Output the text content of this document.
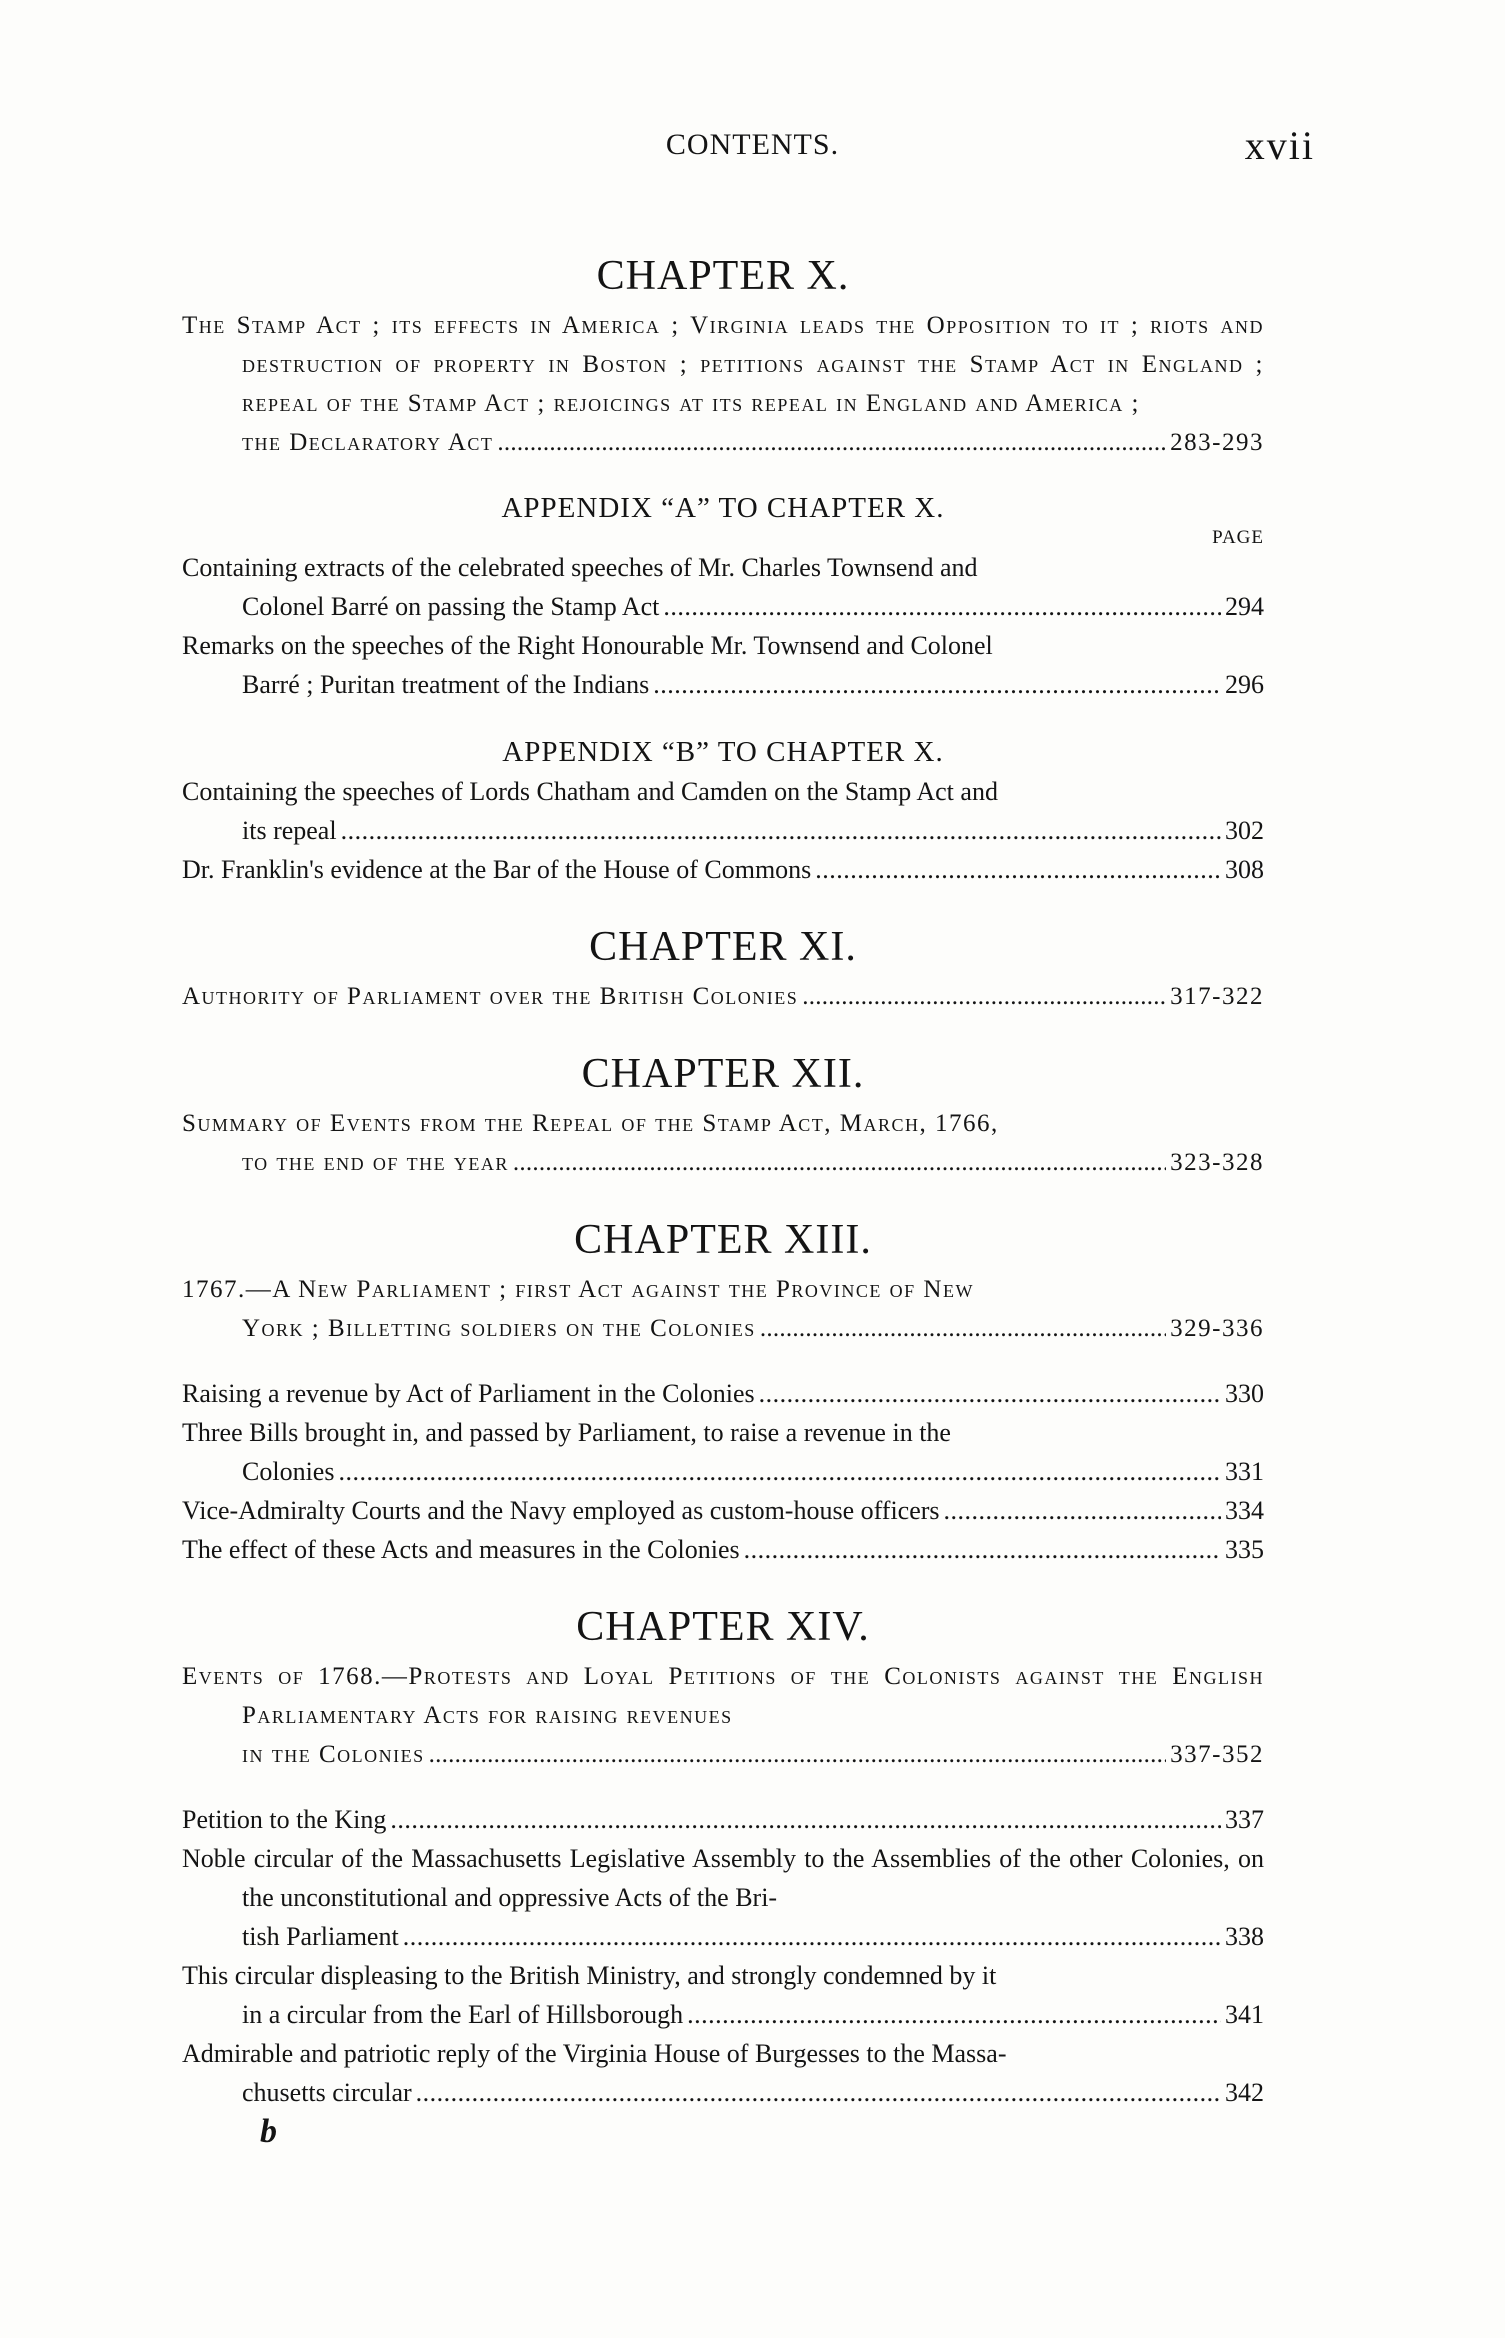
CONTENTS.	xvii
CHAPTER X.
The Stamp Act ; its effects in America ; Virginia leads the Opposition to it ; riots and destruction of property in Boston ; petitions against the Stamp Act in England ; repeal of the Stamp Act ; rejoicings at its repeal in England and America ;
the Declaratory Act . . .	283-293
APPENDIX “A” TO CHAPTER X.
PAGE
Containing extracts of the celebrated speeches of Mr. Charles Townsend and
Colonel Barré on passing the Stamp Act . . .	294
Remarks on the speeches of the Right Honourable Mr. Townsend and Colonel
Barré ; Puritan treatment of the Indians . . .	296
APPENDIX “B” TO CHAPTER X.
Containing the speeches of Lords Chatham and Camden on the Stamp Act and
its repeal . . .	302
Dr. Franklin's evidence at the Bar of the House of Commons . . .	308
CHAPTER XI.
Authority of Parliament over the British Colonies . . .	317-322
CHAPTER XII.
Summary of Events from the Repeal of the Stamp Act, March, 1766,
to the end of the year . . .	323-328
CHAPTER XIII.
1767.—A New Parliament ; first Act against the Province of New
York ; Billetting soldiers on the Colonies . . .	329-336
Raising a revenue by Act of Parliament in the Colonies . . .	330
Three Bills brought in, and passed by Parliament, to raise a revenue in the
Colonies . . .	331
Vice-Admiralty Courts and the Navy employed as custom-house officers . . .	334
The effect of these Acts and measures in the Colonies . . .	335
CHAPTER XIV.
Events of 1768.—Protests and Loyal Petitions of the Colonists against the English Parliamentary Acts for raising revenues
in the Colonies . . .	337-352
Petition to the King . . .	337
Noble circular of the Massachusetts Legislative Assembly to the Assemblies of the other Colonies, on the unconstitutional and oppressive Acts of the Bri-
tish Parliament . . .	338
This circular displeasing to the British Ministry, and strongly condemned by it
in a circular from the Earl of Hillsborough . . .	341
Admirable and patriotic reply of the Virginia House of Burgesses to the Massa-
chusetts circular . . .	342
b
